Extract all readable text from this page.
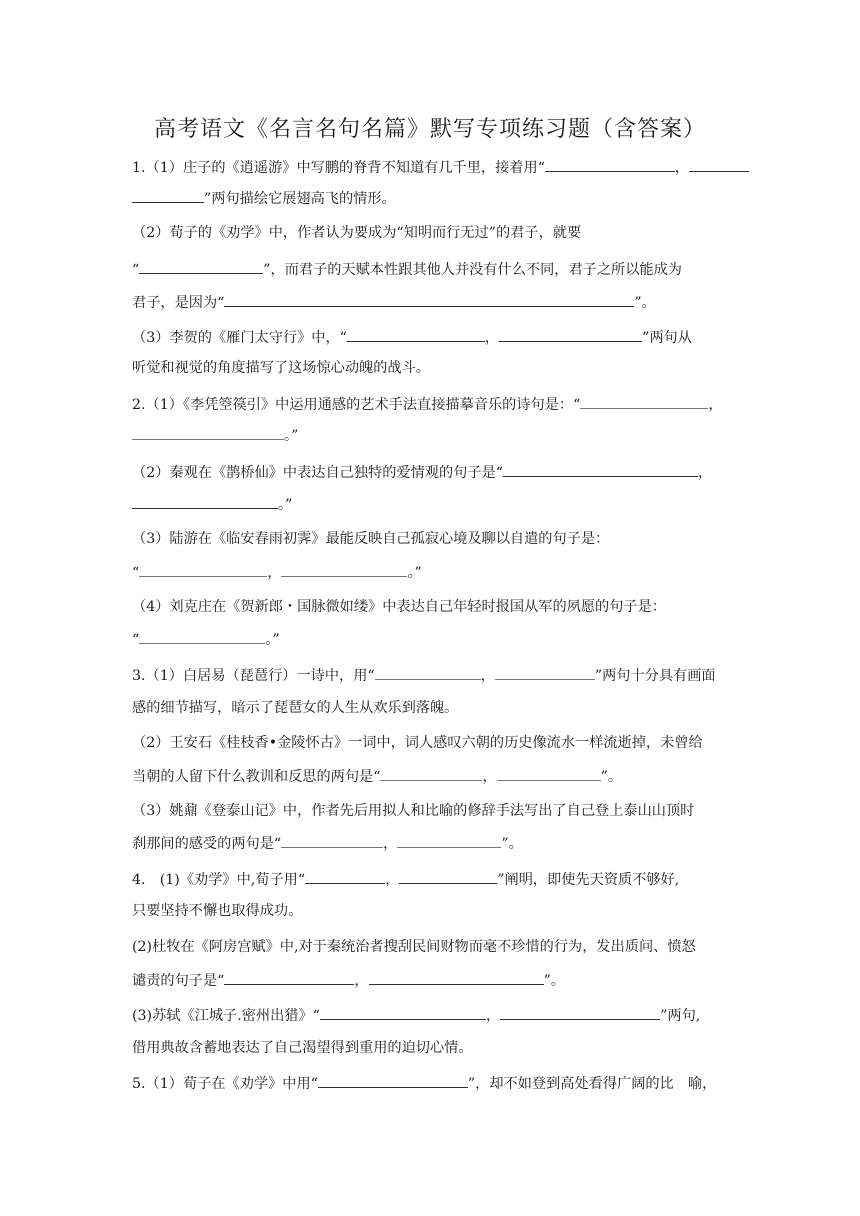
高考语文《名言名句名篇》默写专项练习题（含答案）
1.（1）庄子的《逍遥游》中写鹏的脊背不知道有几千里，接着用“	，
”两句描绘它展翅高飞的情形。
（2）荀子的《劝学》中，作者认为要成为“知明而行无过”的君子，就要
“	”，而君子的天赋本性跟其他人并没有什么不同，君子之所以能成为
君子，是因为“	”。
（3）李贺的《雁门太守行》中，“	，	”两句从
听觉和视觉的角度描写了这场惊心动魄的战斗。
2.（1）《李凭箜篌引》中运用通感的艺术手法直接描摹音乐的诗句是：“	，
。”
（2）秦观在《鹊桥仙》中表达自己独特的爱情观的句子是“	，
。”
（3）陆游在《临安春雨初霁》最能反映自己孤寂心境及聊以自遣的句子是：
“	，	。”
（4）刘克庄在《贺新郎・国脉微如缕》中表达自己年轻时报国从军的夙愿的句子是：
“	。”
3.（1）白居易（琵琶行）一诗中，用“	，	”两句十分具有画面
感的细节描写，暗示了琵琶女的人生从欢乐到落魄。
（2）王安石《桂枝香•金陵怀古》一词中，词人感叹六朝的历史像流水一样流逝掉，未曾给
当朝的人留下什么教训和反思的两句是“	，	”。
（3）姚鼐《登泰山记》中，作者先后用拟人和比喻的修辞手法写出了自己登上泰山山顶时
刹那间的感受的两句是“	，	”。
4.　(1)《劝学》中,荀子用“	，	”阐明，即使先天资质不够好,
只要坚持不懈也取得成功。
(2)杜牧在《阿房宫赋》中,对于秦统治者搜刮民间财物而毫不珍惜的行为，发出质问、愤怒
谴责的句子是“	，	”。
(3)苏轼《江城子.密州出猎》“	，	”两句,
借用典故含蓄地表达了自己渴望得到重用的迫切心情。
5.（1）荀子在《劝学》中用“	”，却不如登到高处看得广阔的比　喻，
